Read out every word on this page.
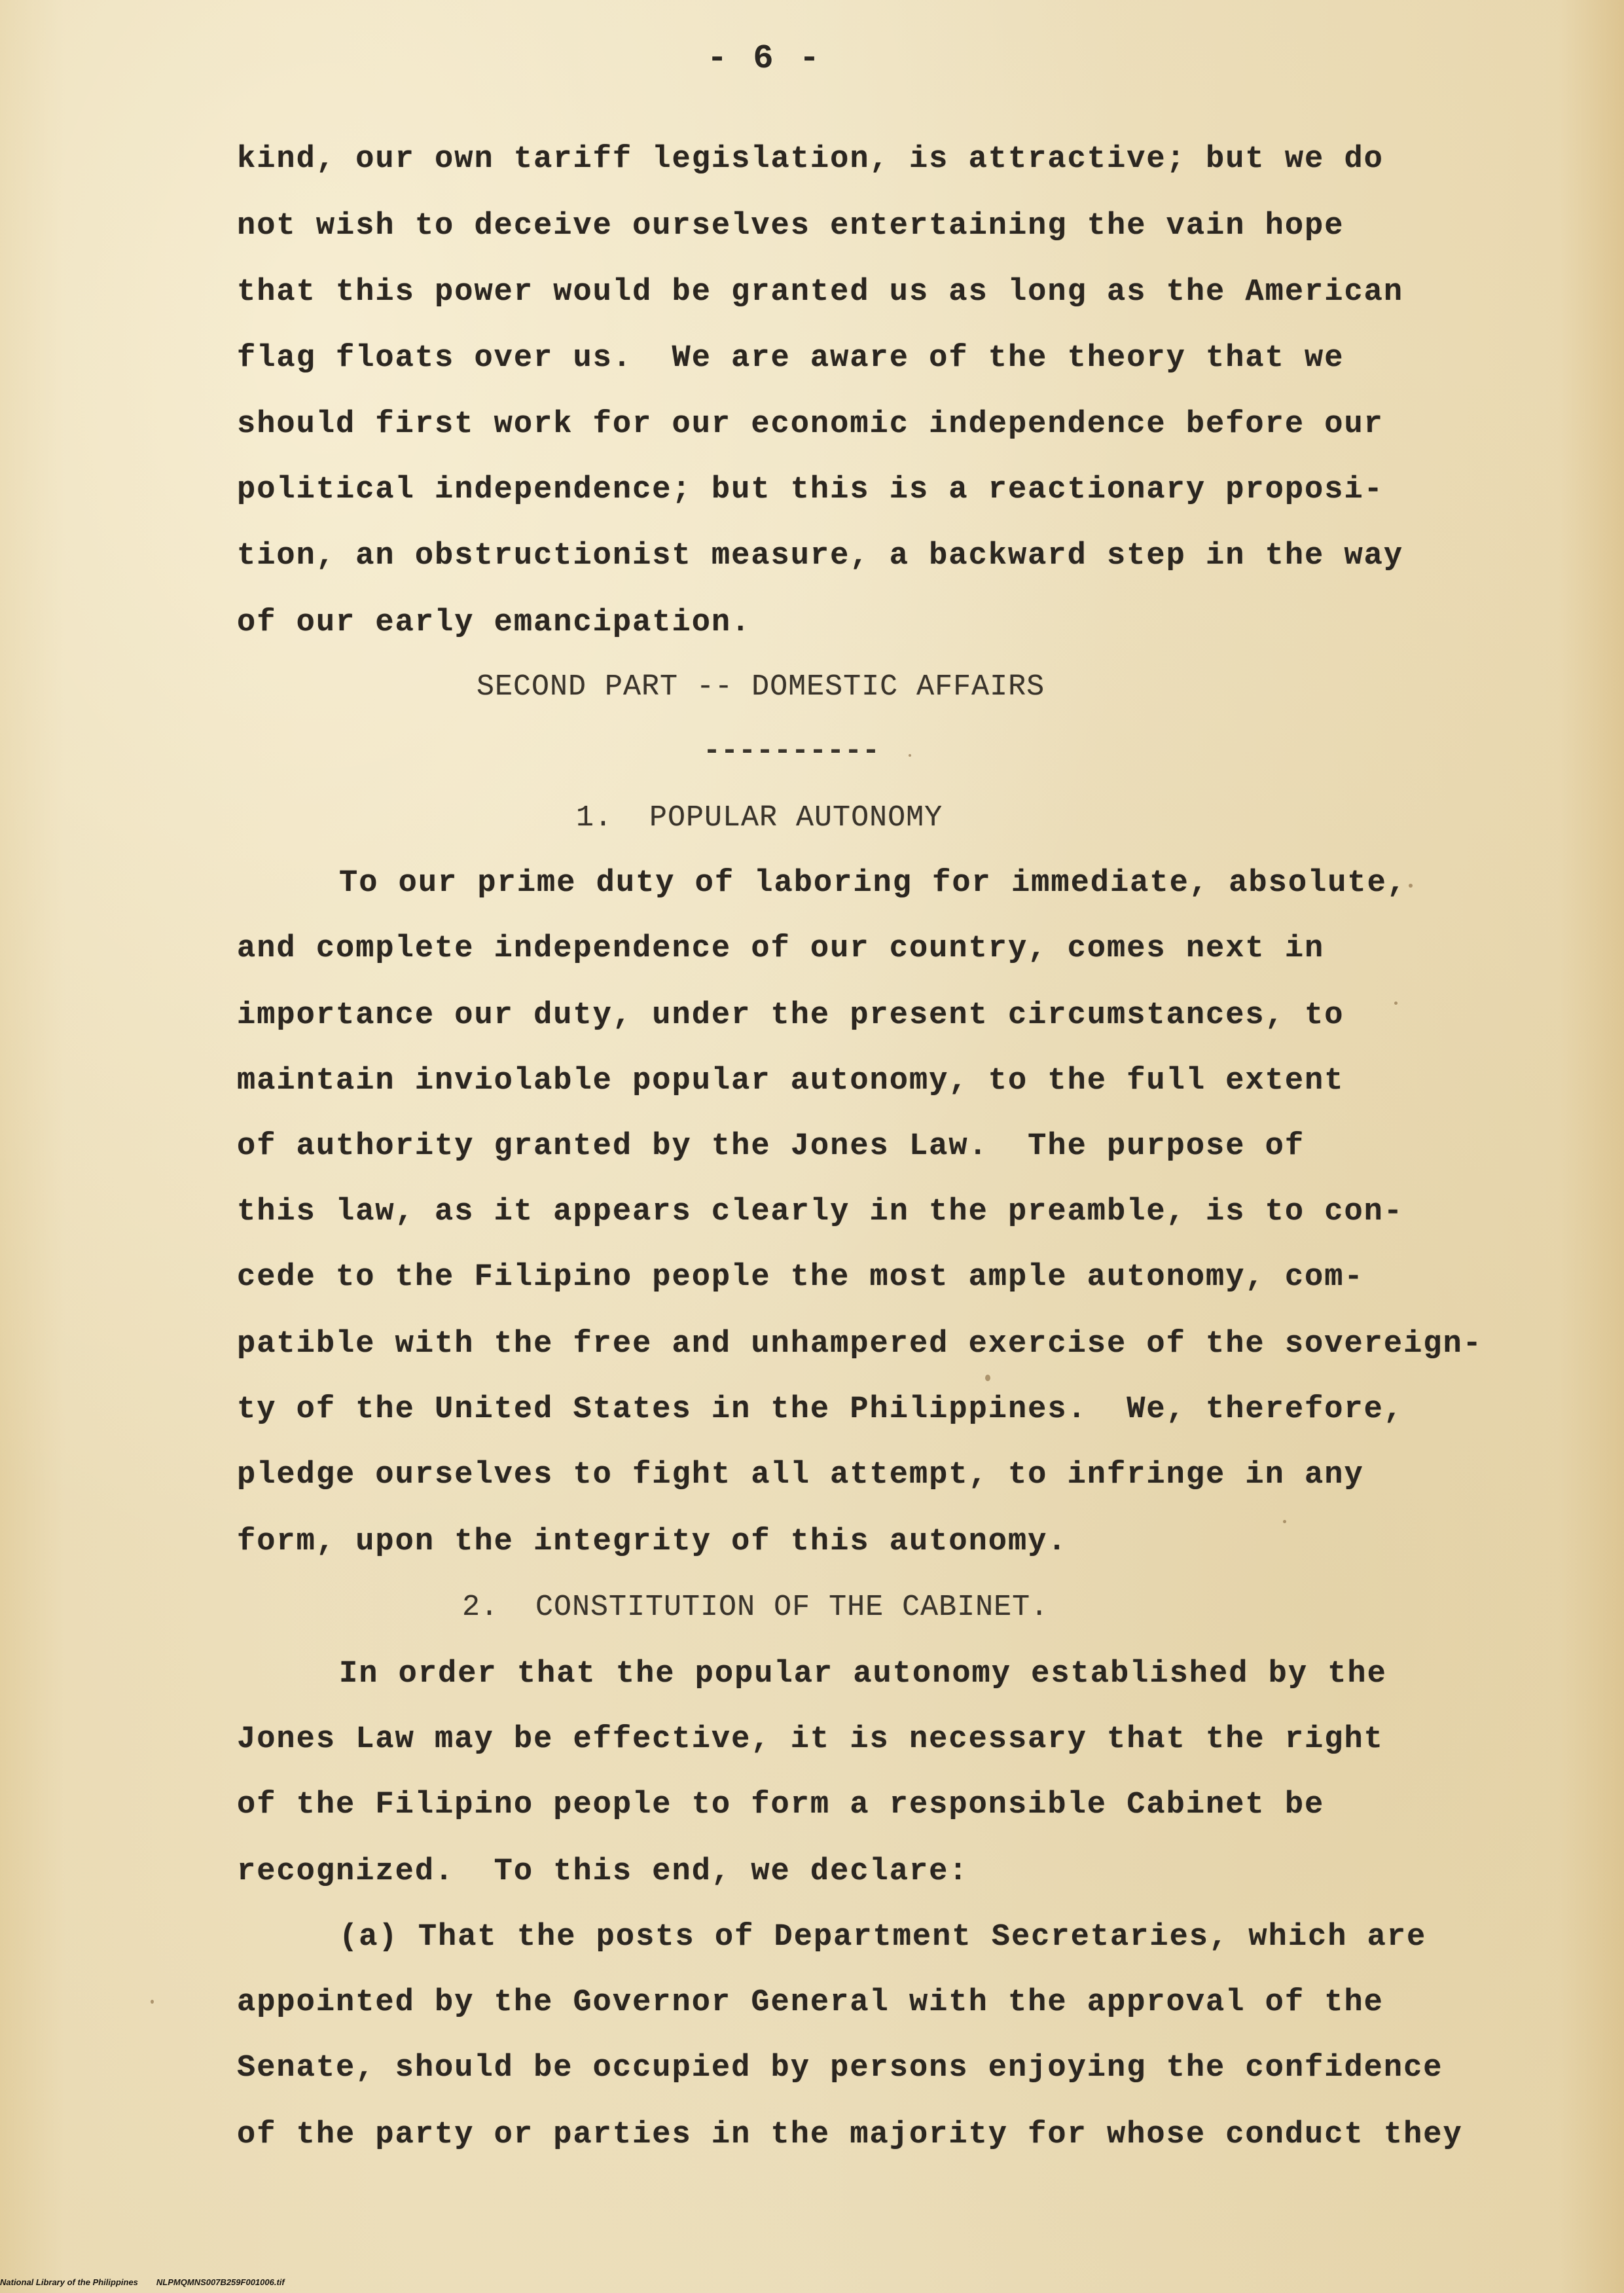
- 6 -
kind, our own tariff legislation, is attractive; but we do
not wish to deceive ourselves entertaining the vain hope
that this power would be granted us as long as the American
flag floats over us.  We are aware of the theory that we
should first work for our economic independence before our
political independence; but this is a reactionary proposi-
tion, an obstructionist measure, a backward step in the way
of our early emancipation.
SECOND PART -- DOMESTIC AFFAIRS
----------
1.  POPULAR AUTONOMY
To our prime duty of laboring for immediate, absolute,
and complete independence of our country, comes next in
importance our duty, under the present circumstances, to
maintain inviolable popular autonomy, to the full extent
of authority granted by the Jones Law.  The purpose of
this law, as it appears clearly in the preamble, is to con-
cede to the Filipino people the most ample autonomy, com-
patible with the free and unhampered exercise of the sovereign-
ty of the United States in the Philippines.  We, therefore,
pledge ourselves to fight all attempt, to infringe in any
form, upon the integrity of this autonomy.
2.  CONSTITUTION OF THE CABINET.
In order that the popular autonomy established by the
Jones Law may be effective, it is necessary that the right
of the Filipino people to form a responsible Cabinet be
recognized.  To this end, we declare:
(a) That the posts of Department Secretaries, which are
appointed by the Governor General with the approval of the
Senate, should be occupied by persons enjoying the confidence
of the party or parties in the majority for whose conduct they
National Library of the Philippines NLPMQMNS007B259F001006.tif
